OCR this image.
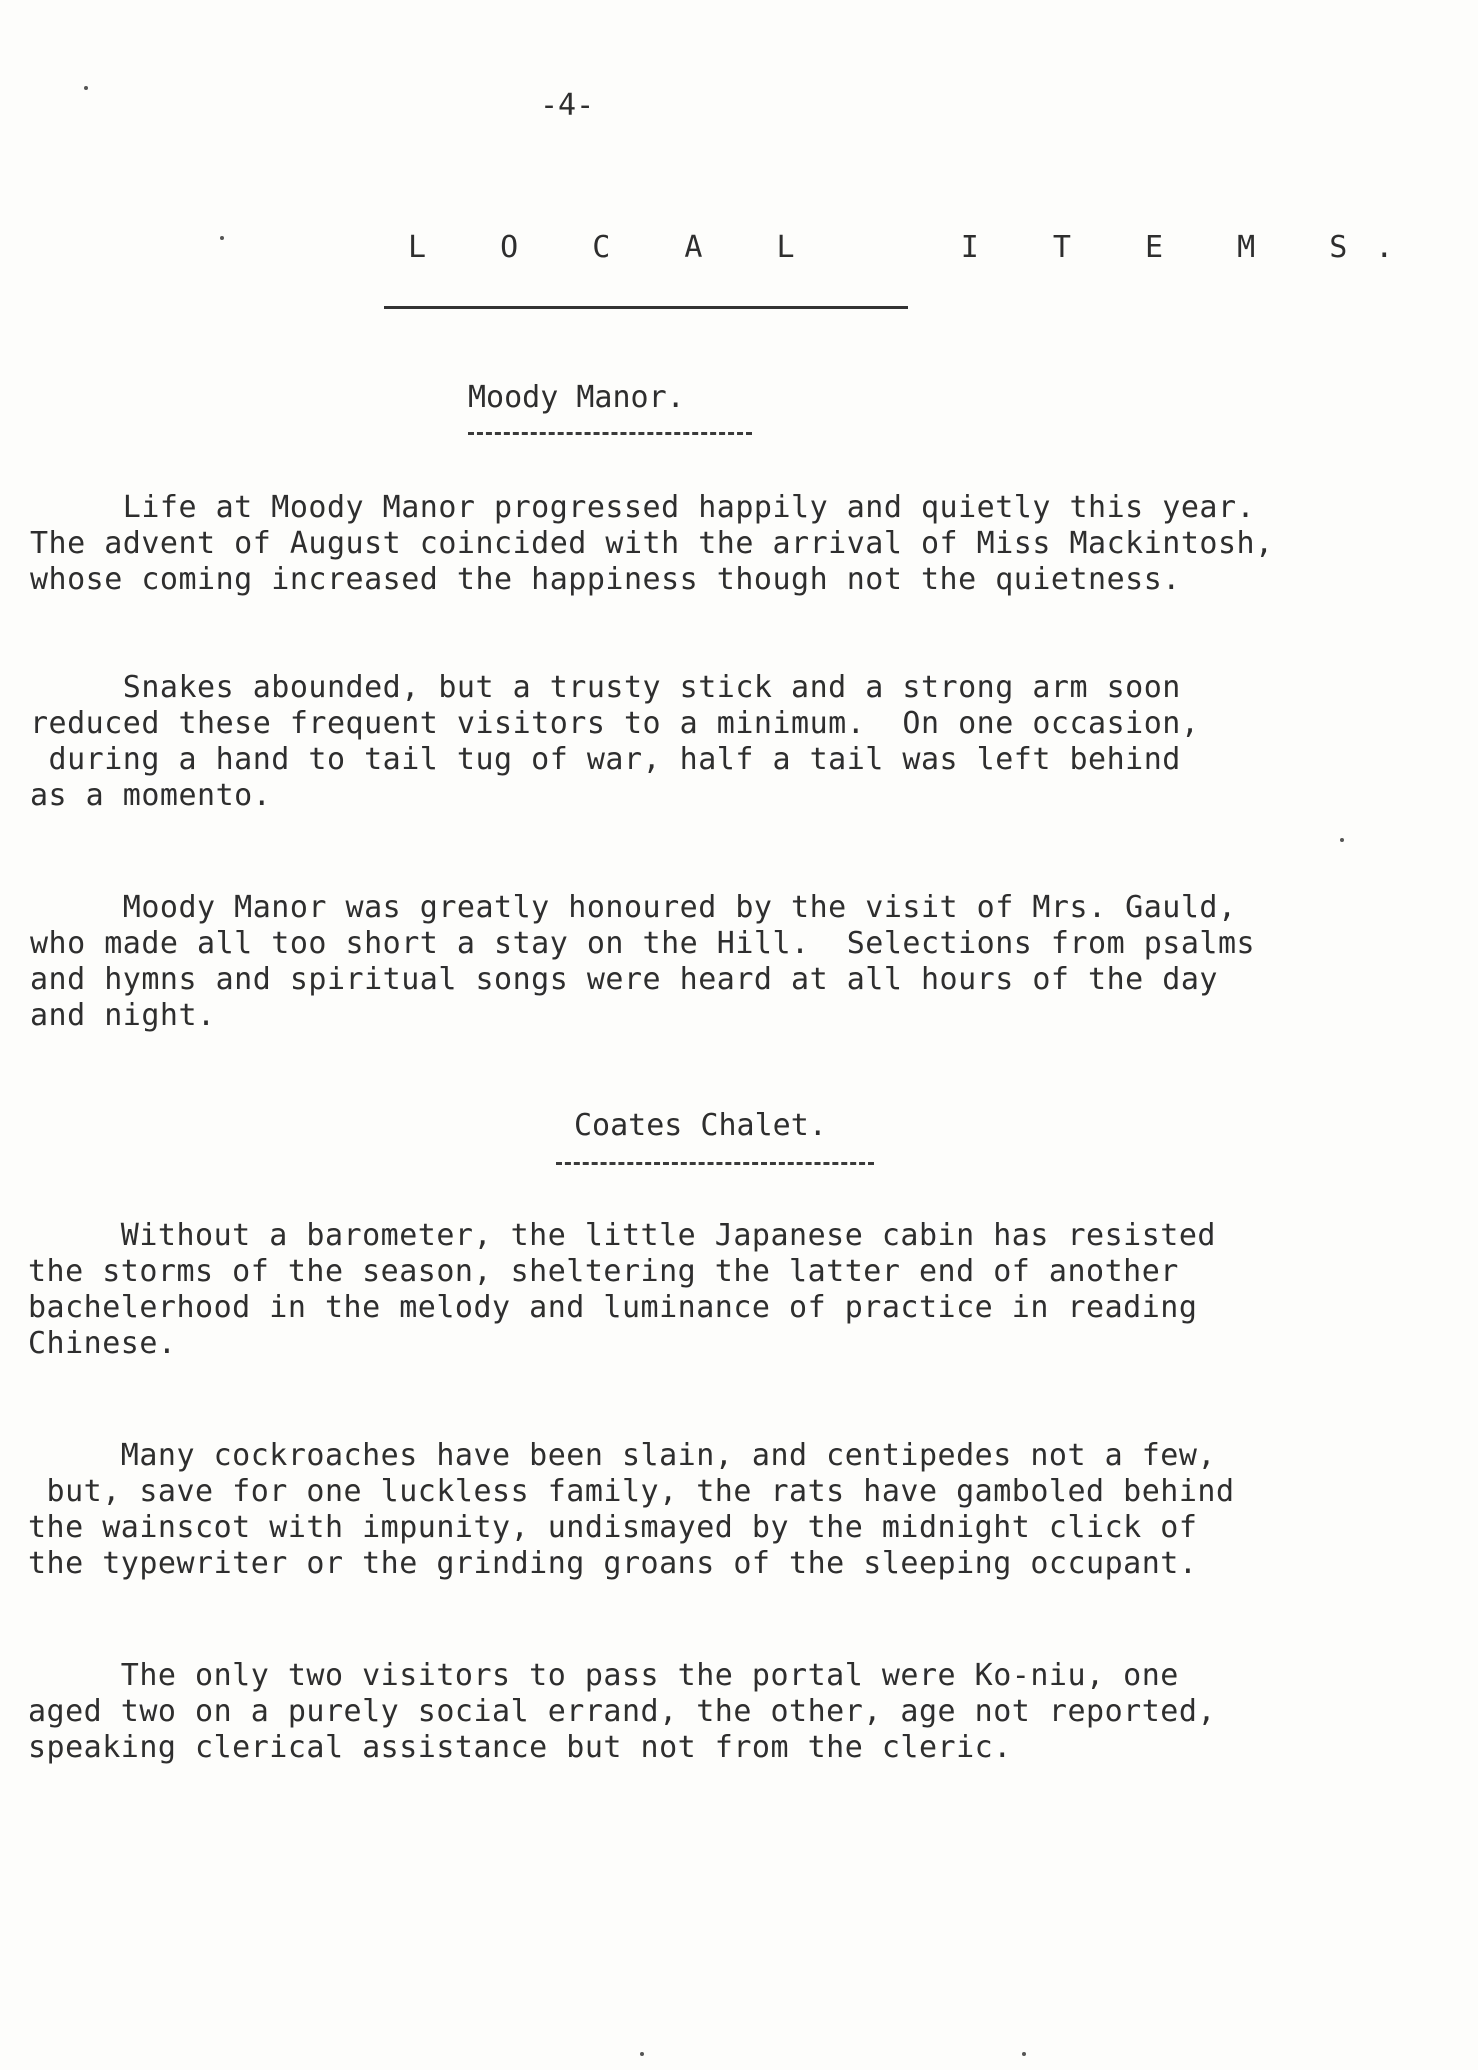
-4-
L O C A L   I T E M S.
Moody Manor.
Life at Moody Manor progressed happily and quietly this year.
The advent of August coincided with the arrival of Miss Mackintosh,
whose coming increased the happiness though not the quietness.
Snakes abounded, but a trusty stick and a strong arm soon
reduced these frequent visitors to a minimum.  On one occasion,
during a hand to tail tug of war, half a tail was left behind
as a momento.
Moody Manor was greatly honoured by the visit of Mrs. Gauld,
who made all too short a stay on the Hill.  Selections from psalms
and hymns and spiritual songs were heard at all hours of the day
and night.
Coates Chalet.
Without a barometer, the little Japanese cabin has resisted
the storms of the season, sheltering the latter end of another
bachelerhood in the melody and luminance of practice in reading
Chinese.
Many cockroaches have been slain, and centipedes not a few,
but, save for one luckless family, the rats have gamboled behind
the wainscot with impunity, undismayed by the midnight click of
the typewriter or the grinding groans of the sleeping occupant.
The only two visitors to pass the portal were Ko-niu, one
aged two on a purely social errand, the other, age not reported,
speaking clerical assistance but not from the cleric.
